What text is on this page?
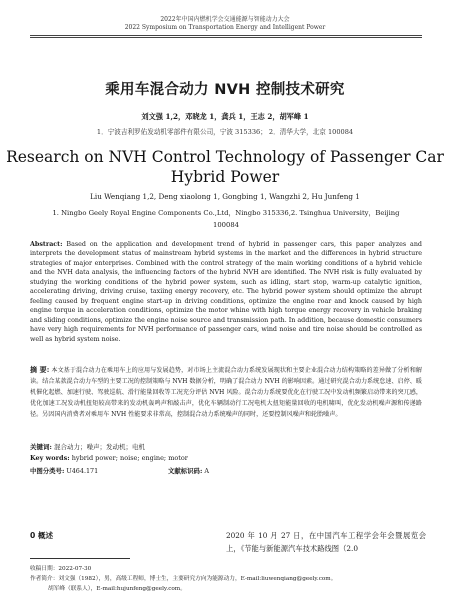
2022年中国内燃机学会交通能源与智能动力大会
2022 Symposium on Transportation Energy and Intelligent Power
乘用车混合动力 NVH 控制技术研究
刘文强 1,2，邓晓龙 1，龚兵 1，王志 2，胡军峰 1
1．宁波吉利罗佑发动机零部件有限公司，宁波 315336； 2．清华大学，北京 100084
Research on NVH Control Technology of Passenger Car
Hybrid Power
Liu Wenqiang 1,2, Deng xiaolong 1, Gongbing 1, Wangzhi 2, Hu Junfeng 1
1. Ningbo Geely Royal Engine Components Co.,Ltd，Ningbo 315336,2. Tsinghua University，Beijing
100084
Abstract: Based on the application and development trend of hybrid in passenger cars, this paper analyzes and interprets the development status of mainstream hybrid systems in the market and the differences in hybrid structure strategies of major enterprises. Combined with the control strategy of the main working conditions of a hybrid vehicle and the NVH data analysis, the influencing factors of the hybrid NVH are identified. The NVH risk is fully evaluated by studying the working conditions of the hybrid power system, such as idling, start stop, warm-up catalytic ignition, accelerating driving, driving cruise, taxiing energy recovery, etc. The hybrid power system should optimize the abrupt feeling caused by frequent engine start-up in driving conditions, optimize the engine roar and knock caused by high engine torque in acceleration conditions, optimize the motor whine with high torque energy recovery in vehicle braking and sliding conditions, optimize the engine noise source and transmission path. In addition, because domestic consumers have very high requirements for NVH performance of passenger cars, wind noise and tire noise should be controlled as well as hybrid system noise.
摘 要: 本文基于混合动力在乘用车上的应用与发展趋势，对市场上主流混合动力系统发展现状和主要企业混合动力结构策略的差异做了分析和解读。结合某款混合动力车型的主要工况的控制策略与 NVH 数据分析，明确了混合动力 NVH 的影响因素。通过研究混合动力系统怠速、启停、暖机催化起燃、加速行驶、驾驶巡航、滑行能量回收等工况充分评估 NVH 风险。混合动力系统要优化在行驶工况中发动机频繁启动带来的突兀感，优化加速工况发动机扭矩较高带来的发动机轰鸣声和敲击声，优化车辆制动行工况电机大扭矩能量回收的电机啸叫，优化发动机噪声源和传递路径。另因国内消费者对乘用车 NVH 性能要求非常高，控制混合动力系统噪声的同时，还要控制风噪声和轮胎噪声。
关键词: 混合动力；噪声；发动机；电机
Key words: hybrid power; noise; engine; motor
中图分类号: U464.171	文献标识码: A
0 概述	2020 年 10 月 27 日，在中国汽车工程学会年会暨展览会上，《节能与新能源汽车技术路线图（2.0
收稿日期：2022-07-30
作者简介：刘文强（1982），男，高级工程师，博士生，主要研究方向为能源动力，E-mail:liuwenqiang@geely.com。
胡军峰（联系人），E-mail:hujunfeng@geely.com。
